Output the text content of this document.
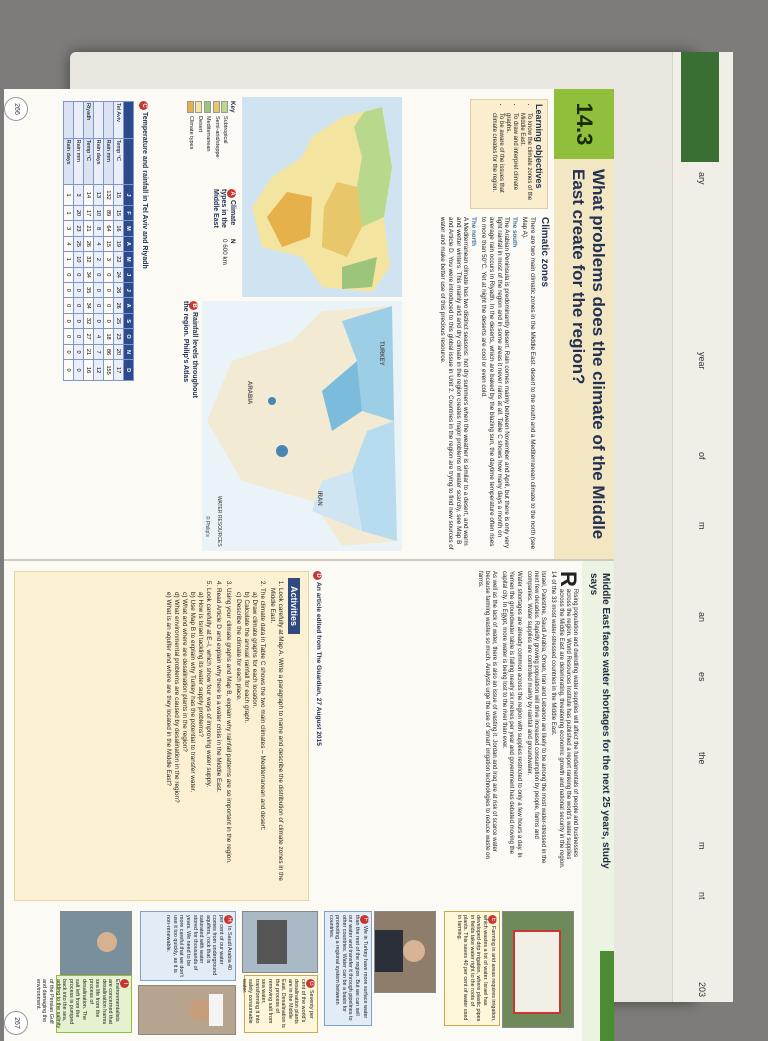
ary
year
of
m
an
es
the
m
nt
203
14.3
What problems does the climate of the Middle East create for the region?
Learning objectives
• To know the climate zones of the Middle East.
• To draw and interpret climate graphs.
• To be aware of the issues that climate creates for the region.
Climatic zones

There are two main climatic zones in the Middle East: desert to the south and a Mediterranean climate to the north (see Map A).

The south

The Arabian Peninsula is predominantly desert. Rain comes mainly between November and April, but there is only very light rainfall in most of the region and in some areas it never rains at all. Table C shows how many days a month on average rain occurs in Riyadh. In the deserts, which are baked by the blazing sun, the daytime temperature often rises to more than 50°C. Yet at night the deserts are cool or even cold.

The north

A Mediterranean climate has two distinct seasons: hot dry summers when the weather is similar to a desert, and warm and wetter winters. This mainly arid and dry climate in the region creates major problems of water scarcity, see Map B and Article D. You were introduced to this global issue in Unit 2. Countries in the region are trying to find new sources of water and make better use of this precious resource.

Key
Subtropical
Semi-arid/steppe
Mediterranean
Desert
Climate types
N
0 600 km
AClimate types in the Middle East
TURKEY
IRAN
ARABIA
WATER RESOURCES
© Philip's
BRainfall levels throughout the region. Philip's Atlas
CTemperature and rainfall in Tel Aviv and Riyadh
		J	F	M	A	M	J	J	A	S	O	N	D
Tel Aviv	Temp °C	15	15	16	19	22	24	26	26	25	23	20	17
	Rain mm	132	89	64	15	3	0	0	0	0	18	86	155
	Rain days	13	10	8	4	2	0	0	0	0	4	7	12
Riyadh	Temp °C	14	17	21	26	32	34	35	34	32	27	21	16
	Rain mm	3	20	23	25	10	0	0	0	0	0	0	0
	Rain days	1	1	3	4	1	0	0	0	0	0	0	0
266
Middle East faces water shortages for the next 25 years, study says

R
Rising population and dwindling water supplies will affect the fundamentals of people and businesses across the region. World Resources Institute has published a report ranking the world's water supplies across the Middle East are deteriorating, threatening economic growth and national security in the region. 14 of the 33 most water-stressed countries in the Middle East.

Israel, Palestine, Saudi Arabia, Oman, Iran and Lebanon are likely to be among the most water-stressed in the next few decades. Rapidly growing population will drive increased consumption by people, farms and companies. Water supplies are controlled mainly by rainfall and groundwater.

Water shortages are already common across the region with supplies restricted to only a few hours a day. In Yemen the groundwater table is falling nearly six metres per year and government has debated moving the capital city. In Egypt, more water is being lost to the river than ever.

As well as the lack of water, there is also an issue of wasting it. Jordan and Iraq are at risk of scarce water because farming wastes so much. Analysts urge the use of 'smart' irrigation technologies to reduce waste on farms.

DAn article edited from The Guardian, 27 August 2015
Activities
1. Look carefully at Map A. Write a paragraph to name and describe the distribution of climate zones in the Middle East.
2. The climate data in Table C shows the two main climates – Mediterranean and desert:
a) Draw climate graphs for each location.
b) Calculate the annual rainfall for each graph.
c) Describe the climate for each place.
3. Using your climate graphs and Map B, explain why rainfall patterns are so important in the region.
4. Read Article D and explain why there is a water crisis in the Middle East.
5. Look carefully at E–I, which show four ways of improving water supply.
a) How is Israel tackling its water supply problems?
b) Use Map B to explain why Turkey has the potential to transfer water.
c) What and where are desalination plants in the region?
d) What environmental problems are caused by desalination in the region?
e) What is an aquifer and where are they located in the Middle East?
EFarming in arid areas requires irrigation, which wastes a lot of water. Israel has developed drip irrigation, where plastic pipes in fields take water right to the roots of plants. This saves 40 per cent of water used in farming.
FWe in Turkey have more surface water than the rest of the region. But we can sell our water and transfer it through pipelines to other countries. Water can be a basis for promoting a regional system between countries.
GSeventy per cent of the world's desalination plants are in the Middle East. Desalination is the process of removing salt from sea water, transforming it into safely consumable water.
HIn Saudi Arabia 40 per cent of our water comes from underground aquifers, rock that is saturated with water stored for thousands of years. We need to be more careful that we don't use it too quickly, as it is non-renewable.
IEnvironmentalists are concerned that desalination harms sea life from the process of desalination. The salt left from the process is pumped back into the sea, adding to the salinity of the Persian Gulf and damaging the environment.
267
